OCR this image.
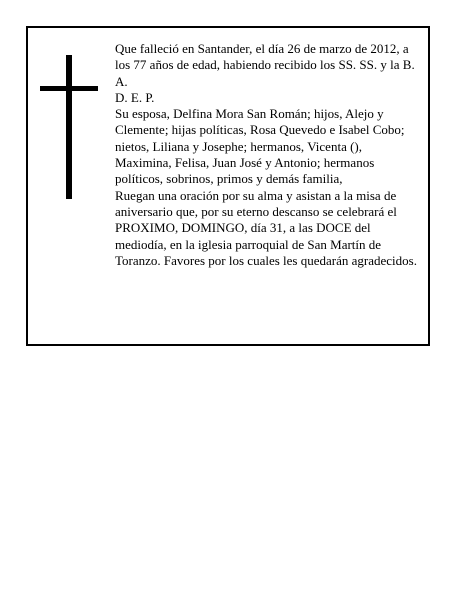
Que falleció en Santander, el día 26 de marzo de 2012, a los 77 años de edad, habiendo recibido los SS. SS. y la B. A.

D. E. P.

Su esposa, Delfina Mora San Román; hijos, Alejo y Clemente; hijas políticas, Rosa Quevedo e Isabel Cobo; nietos, Liliana y Josephe; hermanos, Vicenta (), Maximina, Felisa, Juan José y Antonio; hermanos políticos, sobrinos, primos y demás familia,

Ruegan una oración por su alma y asistan a la misa de aniversario que, por su eterno descanso se celebrará el PROXIMO, DOMINGO, día 31, a las DOCE del mediodía, en la iglesia parroquial de San Martín de Toranzo. Favores por los cuales les quedarán agradecidos.
